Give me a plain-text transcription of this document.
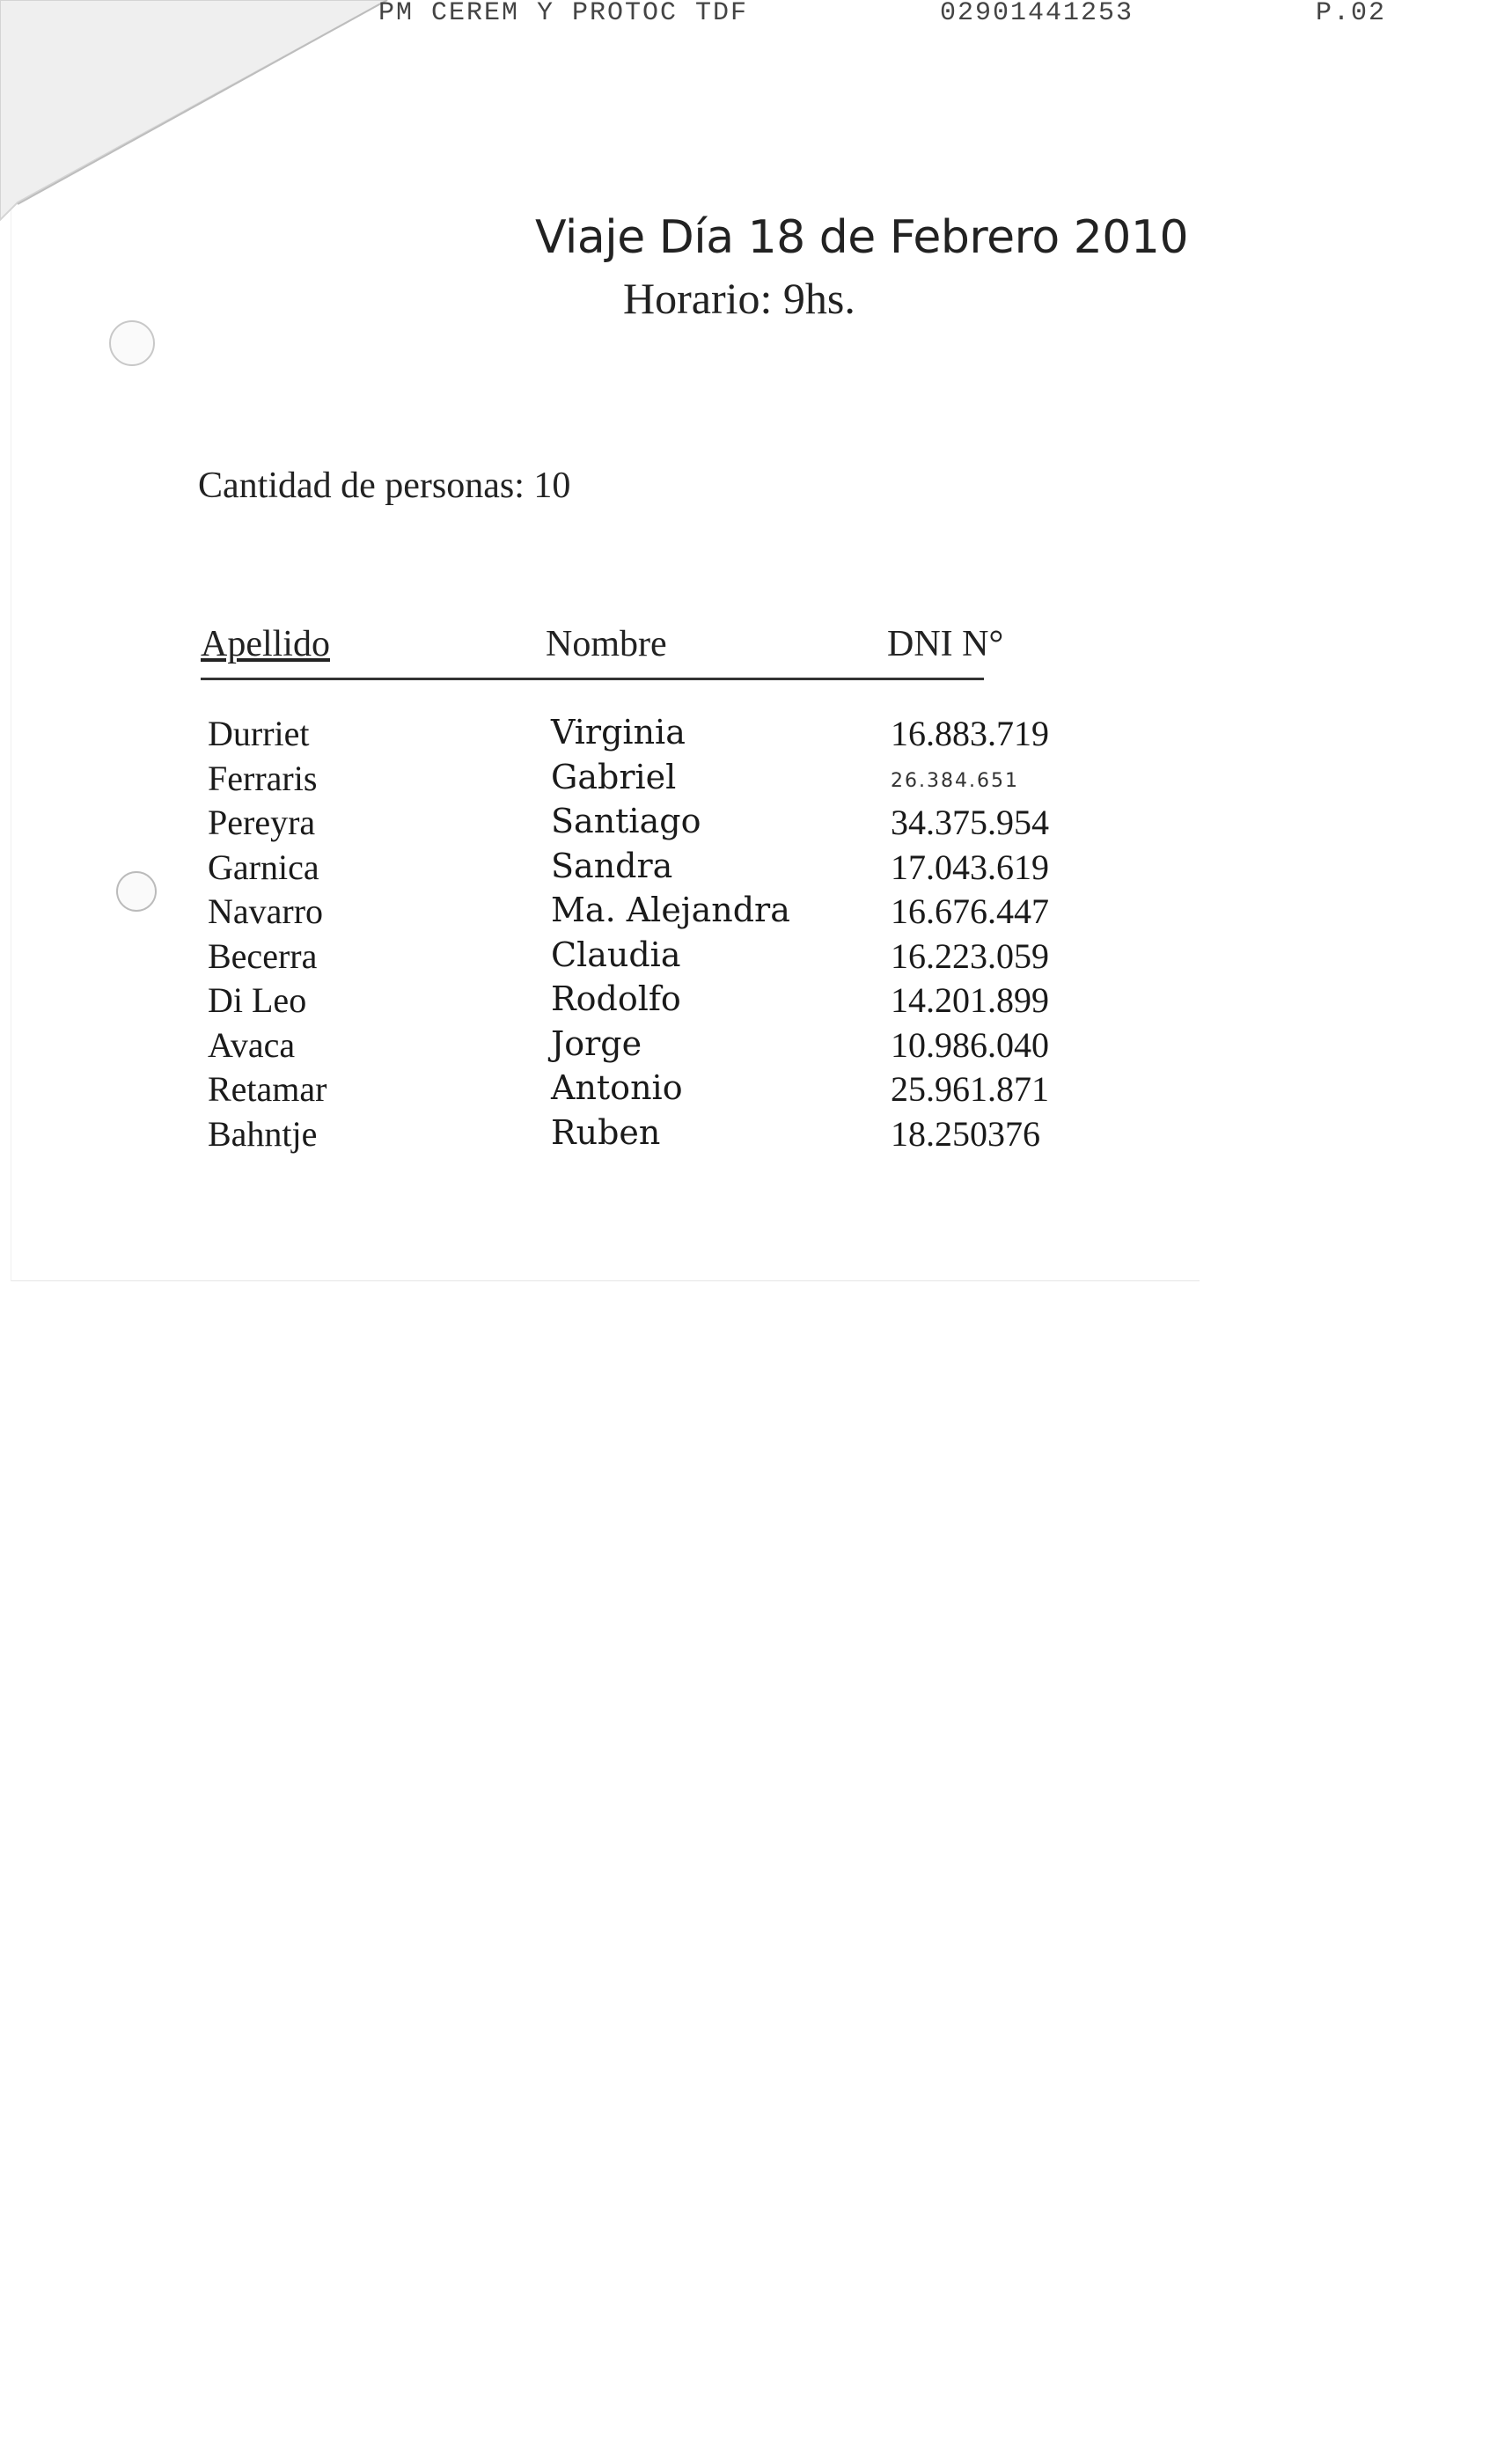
PM CEREM Y PROTOC TDF	02901441253	P.02
Viaje Día 18 de Febrero 2010
Horario: 9hs.
Cantidad de personas: 10
Apellido	Nombre	DNI N°
Durriet	Virginia	16.883.719
Ferraris	Gabriel	26.384.651
Pereyra	Santiago	34.375.954
Garnica	Sandra	17.043.619
Navarro	Ma. Alejandra	16.676.447
Becerra	Claudia	16.223.059
Di Leo	Rodolfo	14.201.899
Avaca	Jorge	10.986.040
Retamar	Antonio	25.961.871
Bahntje	Ruben	18.250376
